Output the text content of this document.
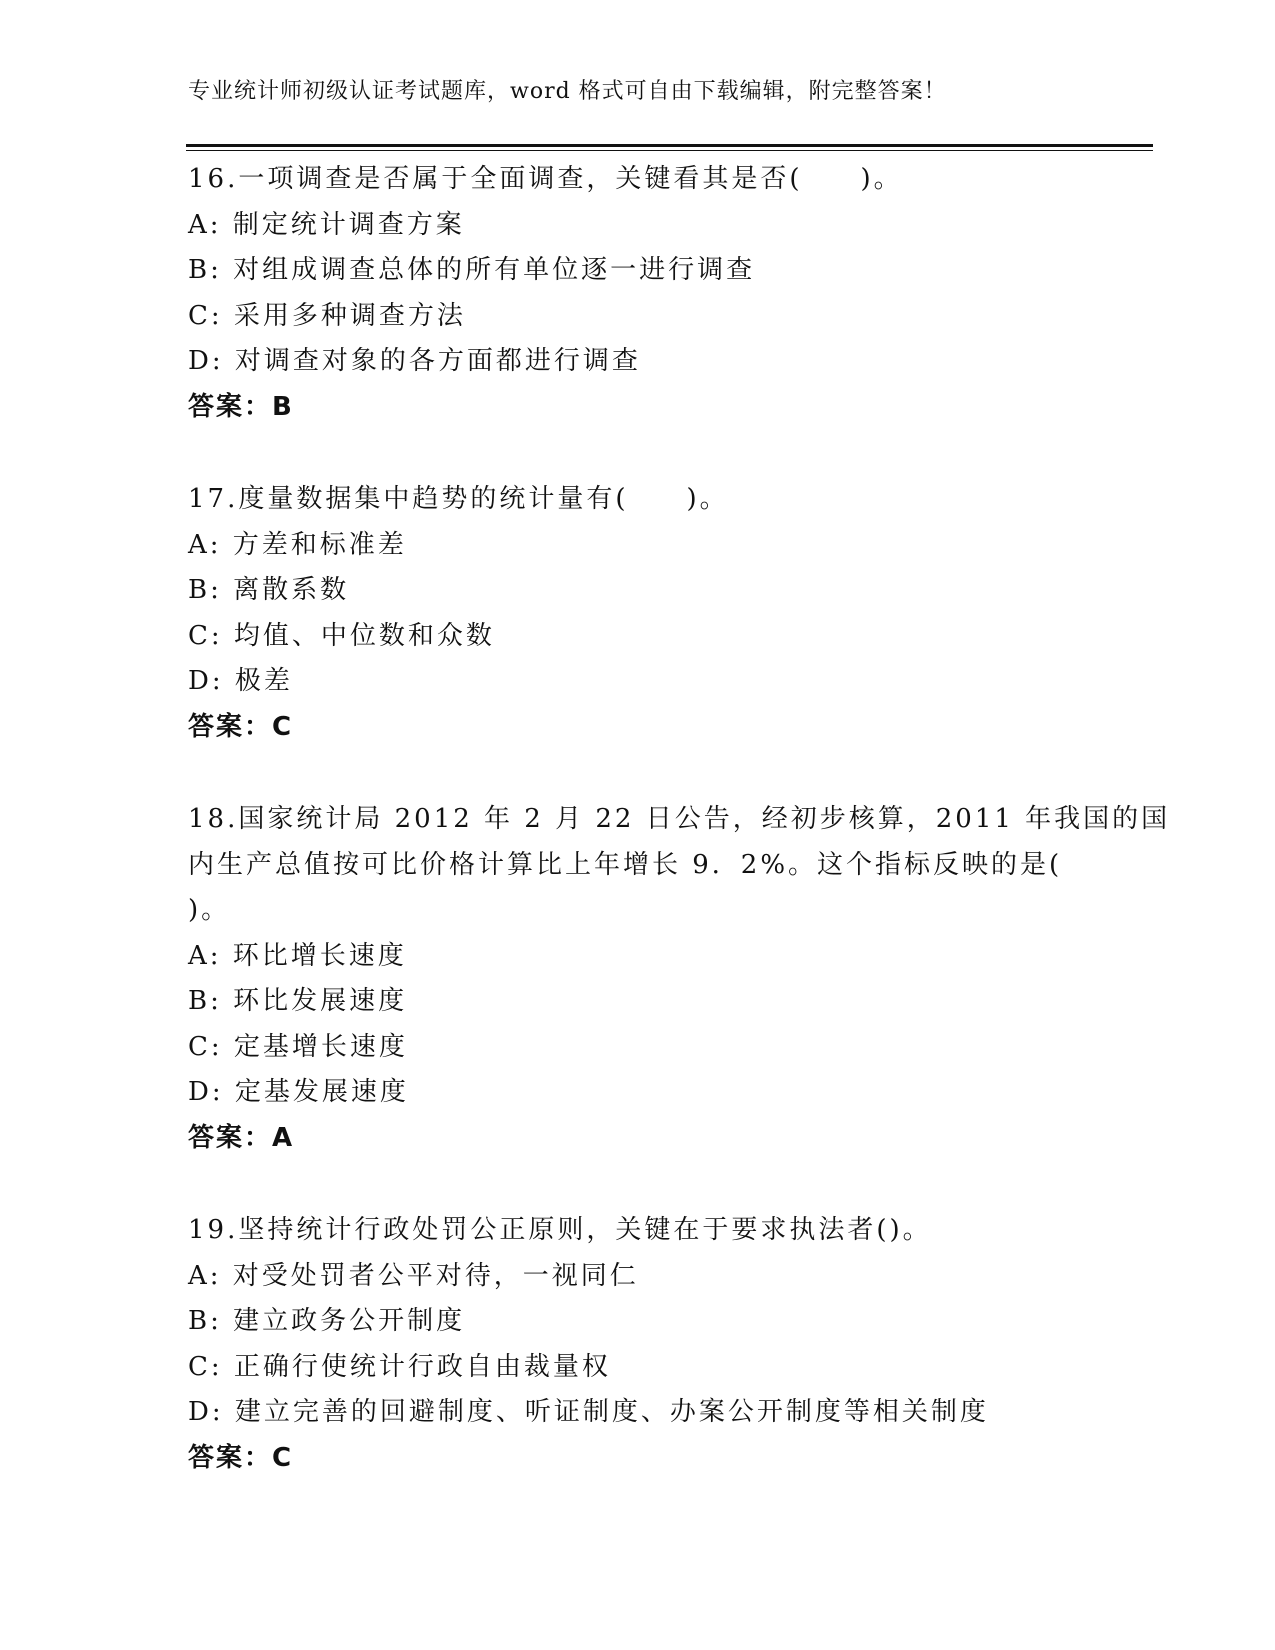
专业统计师初级认证考试题库，word 格式可自由下载编辑，附完整答案！
16.一项调查是否属于全面调查，关键看其是否(　　)。
A: 制定统计调查方案
B: 对组成调查总体的所有单位逐一进行调查
C: 采用多种调查方法
D: 对调查对象的各方面都进行调查
答案：B
17.度量数据集中趋势的统计量有(　　)。
A: 方差和标准差
B: 离散系数
C: 均值、中位数和众数
D: 极差
答案：C
18.国家统计局 2012 年 2 月 22 日公告，经初步核算，2011 年我国的国
内生产总值按可比价格计算比上年增长 9．2%。这个指标反映的是(
)。
A: 环比增长速度
B: 环比发展速度
C: 定基增长速度
D: 定基发展速度
答案：A
19.坚持统计行政处罚公正原则，关键在于要求执法者()。
A: 对受处罚者公平对待，一视同仁
B: 建立政务公开制度
C: 正确行使统计行政自由裁量权
D: 建立完善的回避制度、听证制度、办案公开制度等相关制度
答案：C
